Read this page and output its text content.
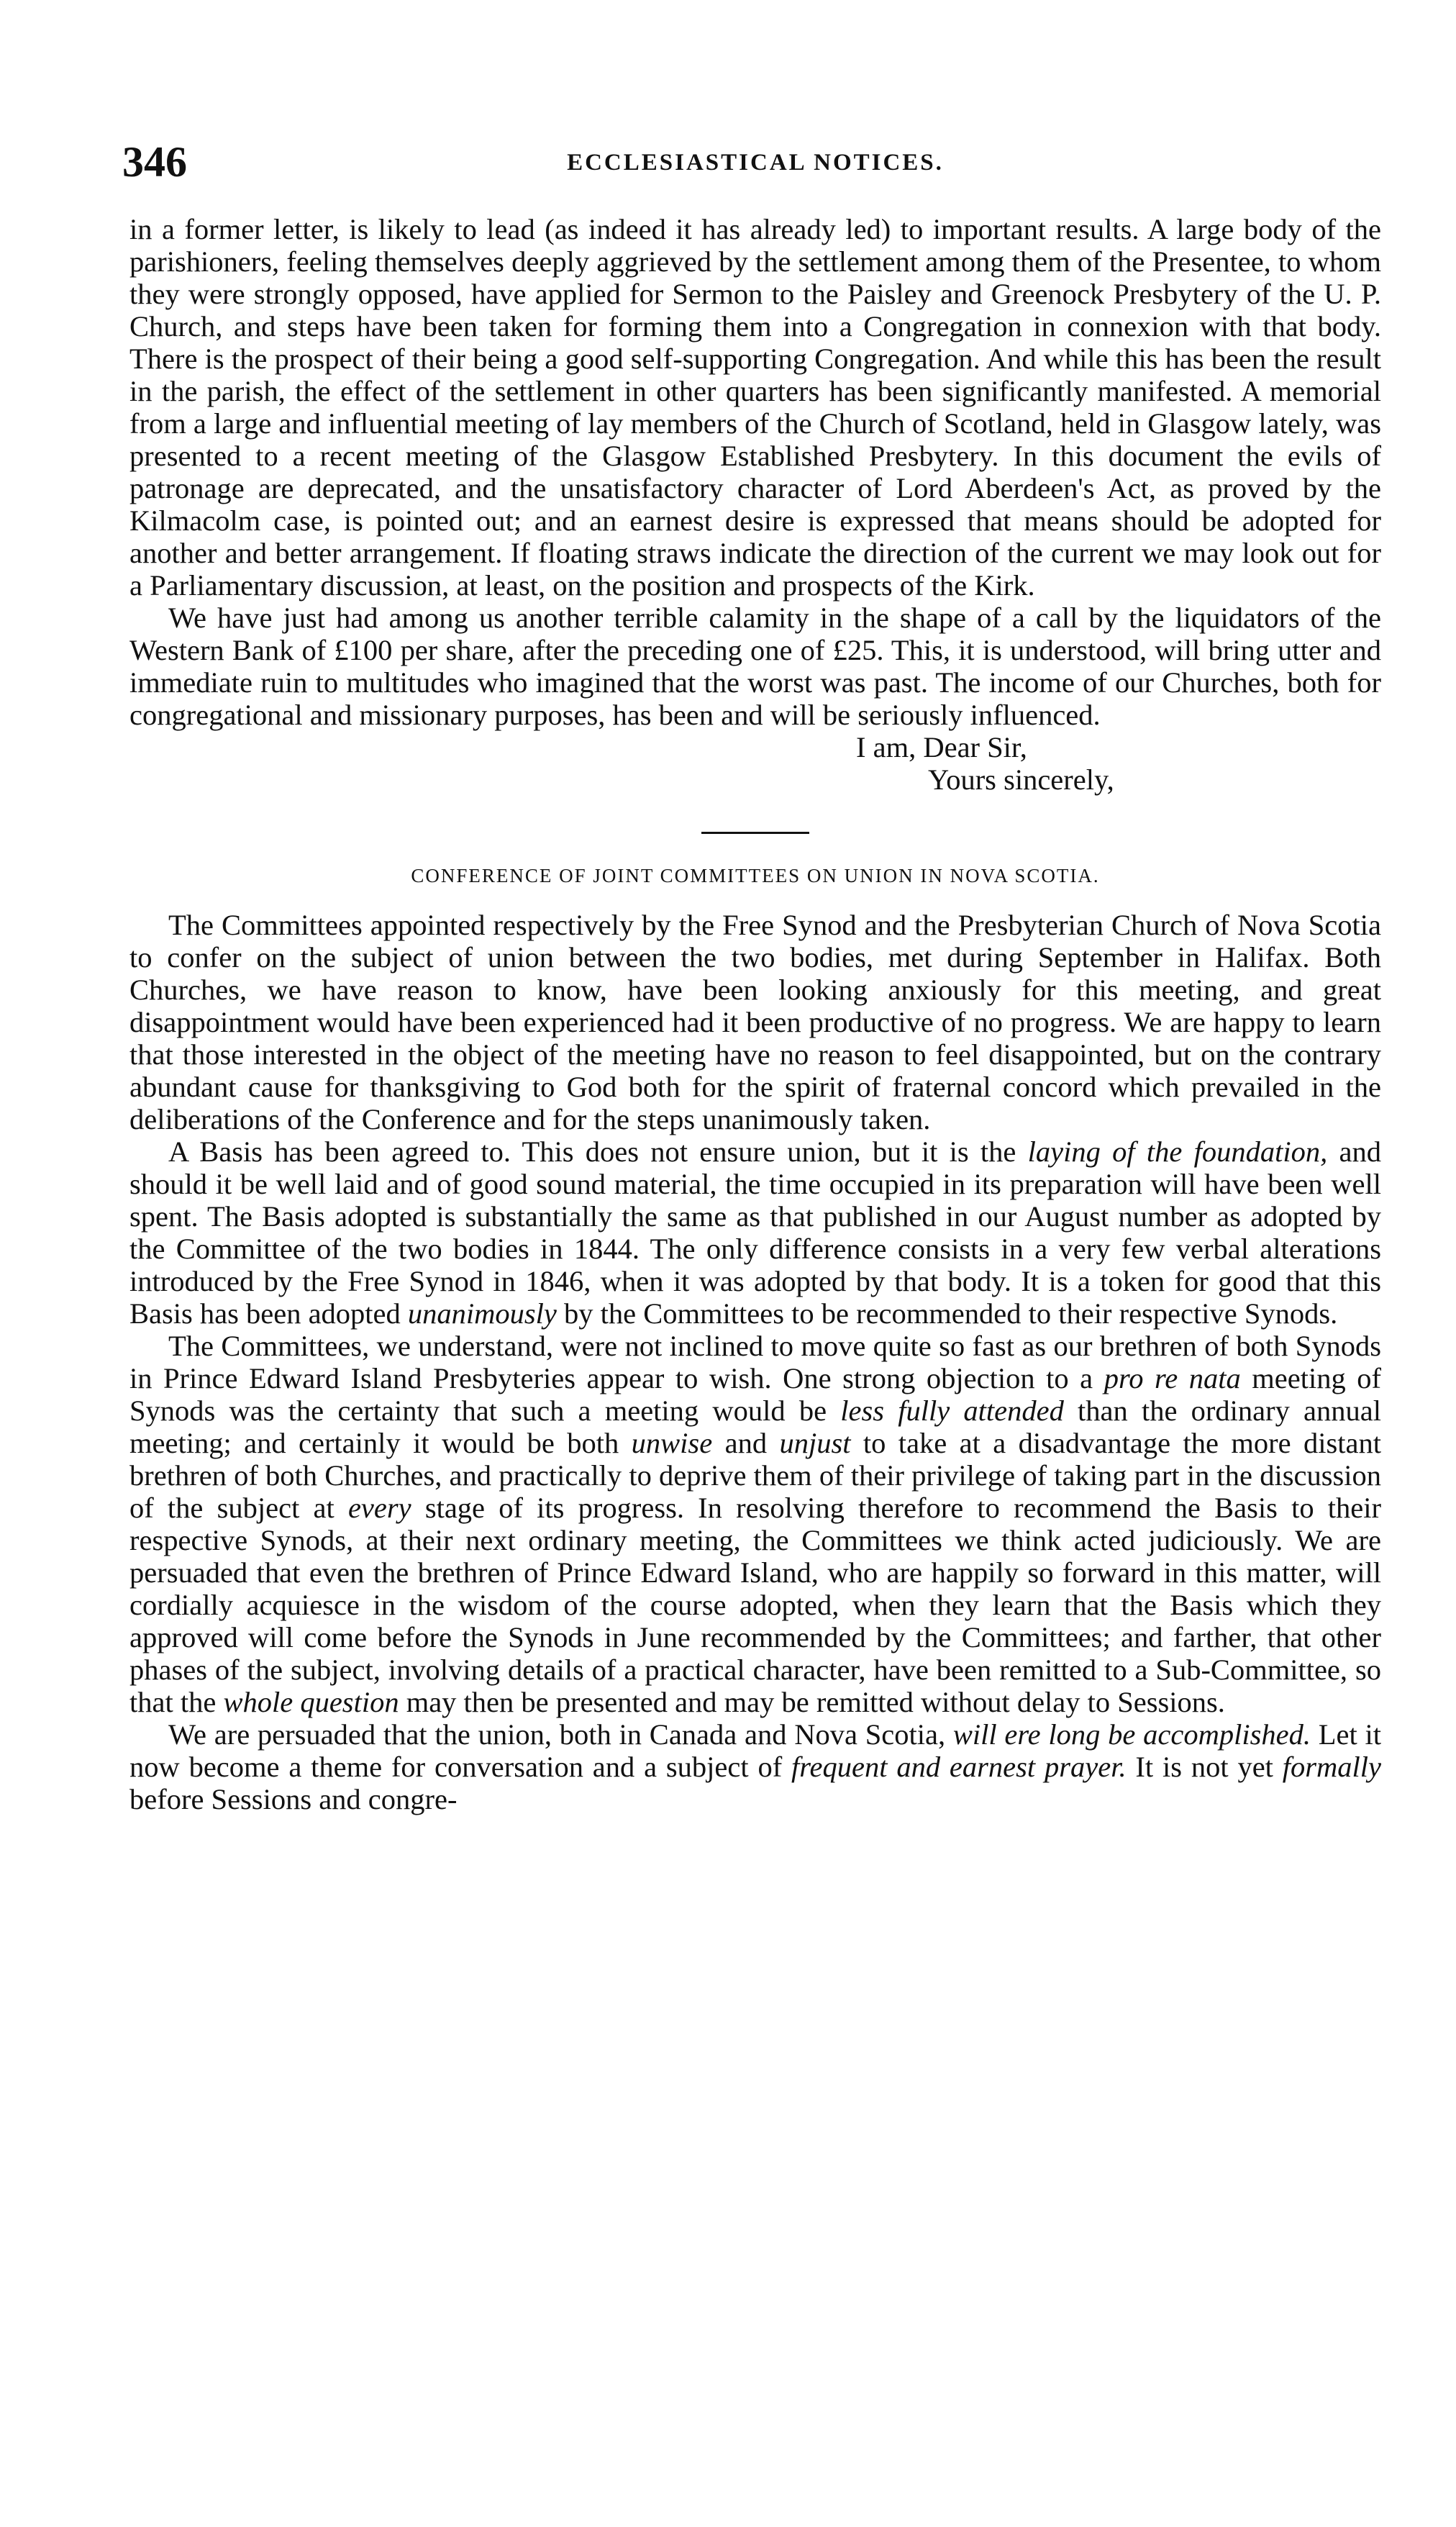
346	ECCLESIASTICAL NOTICES.

in a former letter, is likely to lead (as indeed it has already led) to important results. A large body of the parishioners, feeling themselves deeply aggrieved by the settlement among them of the Presentee, to whom they were strongly opposed, have applied for Sermon to the Paisley and Greenock Presbytery of the U. P. Church, and steps have been taken for forming them into a Congregation in connexion with that body. There is the prospect of their being a good self-supporting Congregation. And while this has been the result in the parish, the effect of the settlement in other quarters has been significantly manifested. A memorial from a large and influential meeting of lay members of the Church of Scotland, held in Glasgow lately, was presented to a recent meeting of the Glasgow Established Presbytery. In this document the evils of patronage are deprecated, and the unsatisfactory character of Lord Aberdeen's Act, as proved by the Kilmacolm case, is pointed out; and an earnest desire is expressed that means should be adopted for another and better arrangement. If floating straws indicate the direction of the current we may look out for a Parliamentary discussion, at least, on the position and prospects of the Kirk.

We have just had among us another terrible calamity in the shape of a call by the liquidators of the Western Bank of £100 per share, after the preceding one of £25. This, it is understood, will bring utter and immediate ruin to multitudes who imagined that the worst was past. The income of our Churches, both for congregational and missionary purposes, has been and will be seriously influenced.

I am, Dear Sir,
Yours sincerely,
CONFERENCE OF JOINT COMMITTEES ON UNION IN NOVA SCOTIA.

The Committees appointed respectively by the Free Synod and the Presbyterian Church of Nova Scotia to confer on the subject of union between the two bodies, met during September in Halifax. Both Churches, we have reason to know, have been looking anxiously for this meeting, and great disappointment would have been experienced had it been productive of no progress. We are happy to learn that those interested in the object of the meeting have no reason to feel disappointed, but on the contrary abundant cause for thanksgiving to God both for the spirit of fraternal concord which prevailed in the deliberations of the Conference and for the steps unanimously taken.

A Basis has been agreed to. This does not ensure union, but it is the laying of the foundation, and should it be well laid and of good sound material, the time occupied in its preparation will have been well spent. The Basis adopted is substantially the same as that published in our August number as adopted by the Committee of the two bodies in 1844. The only difference consists in a very few verbal alterations introduced by the Free Synod in 1846, when it was adopted by that body. It is a token for good that this Basis has been adopted unanimously by the Committees to be recommended to their respective Synods.

The Committees, we understand, were not inclined to move quite so fast as our brethren of both Synods in Prince Edward Island Presbyteries appear to wish. One strong objection to a pro re nata meeting of Synods was the certainty that such a meeting would be less fully attended than the ordinary annual meeting; and certainly it would be both unwise and unjust to take at a disadvantage the more distant brethren of both Churches, and practically to deprive them of their privilege of taking part in the discussion of the subject at every stage of its progress. In resolving therefore to recommend the Basis to their respective Synods, at their next ordinary meeting, the Committees we think acted judiciously. We are persuaded that even the brethren of Prince Edward Island, who are happily so forward in this matter, will cordially acquiesce in the wisdom of the course adopted, when they learn that the Basis which they approved will come before the Synods in June recommended by the Committees; and farther, that other phases of the subject, involving details of a practical character, have been remitted to a Sub-Committee, so that the whole question may then be presented and may be remitted without delay to Sessions.

We are persuaded that the union, both in Canada and Nova Scotia, will ere long be accomplished. Let it now become a theme for conversation and a subject of frequent and earnest prayer. It is not yet formally before Sessions and congre-
